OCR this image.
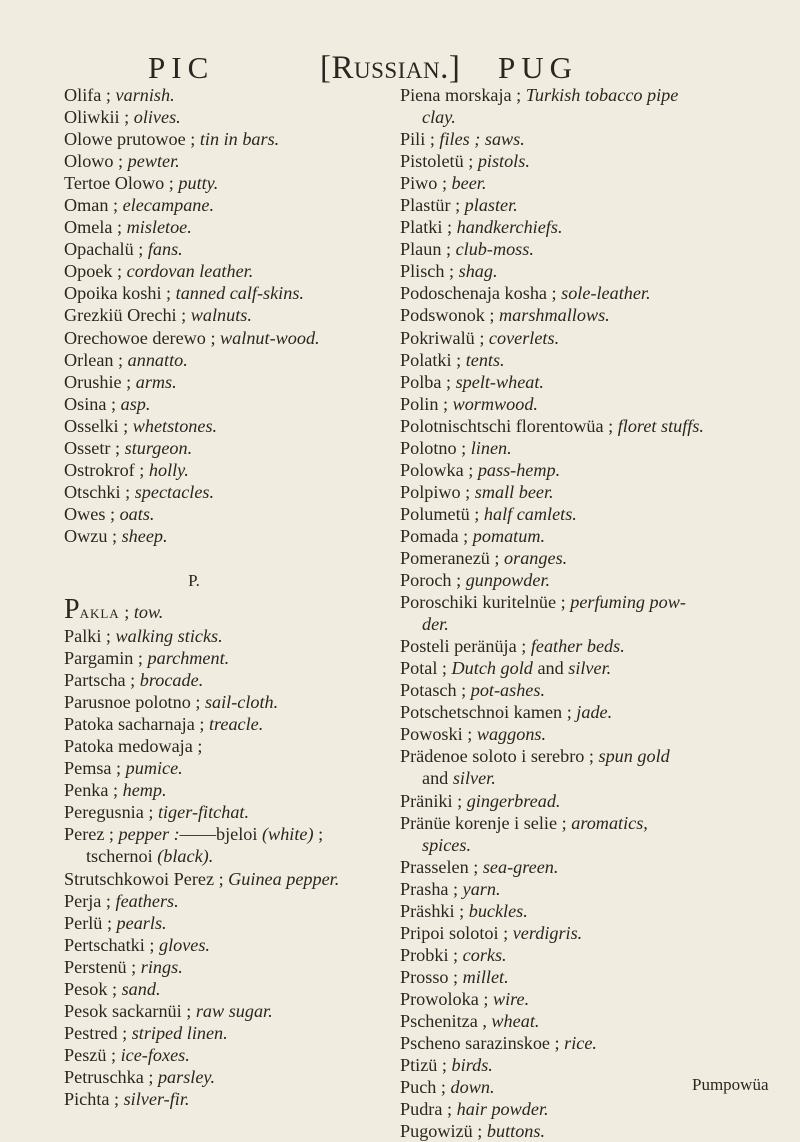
PIC	[Russian.] PUG
Olifa ; varnish.
Oliwkii ; olives.
Olowe prutowoe ; tin in bars.
Olowo ; pewter.
Tertoe Olowo ; putty.
Oman ; elecampane.
Omela ; misletoe.
Opachalü ; fans.
Opoek ; cordovan leather.
Opoika koshi ; tanned calf-skins.
Grezkiü Orechi ; walnuts.
Orechowoe derewo ; walnut-wood.
Orlean ; annatto.
Orushie ; arms.
Osina ; asp.
Osselki ; whetstones.
Ossetr ; sturgeon.
Ostrokrof ; holly.
Otschki ; spectacles.
Owes ; oats.
Owzu ; sheep.
P.
Pakla ; tow.
Palki ; walking sticks.
Pargamin ; parchment.
Partscha ; brocade.
Parusnoe polotno ; sail-cloth.
Patoka sacharnaja ; treacle.
Patoka medowaja ;
Pemsa ; pumice.
Penka ; hemp.
Peregusnia ; tiger-fitchat.
Perez ; pepper :——bjeloi (white) ;
tschernoi (black).
Strutschkowoi Perez ; Guinea pepper.
Perja ; feathers.
Perlü ; pearls.
Pertschatki ; gloves.
Perstenü ; rings.
Pesok ; sand.
Pesok sackarnüi ; raw sugar.
Pestred ; striped linen.
Peszü ; ice-foxes.
Petruschka ; parsley.
Pichta ; silver-fir.
Piena morskaja ; Turkish tobacco pipe
clay.
Pili ; files ; saws.
Pistoletü ; pistols.
Piwo ; beer.
Plastür ; plaster.
Platki ; handkerchiefs.
Plaun ; club-moss.
Plisch ; shag.
Podoschenaja kosha ; sole-leather.
Podswonok ; marshmallows.
Pokriwalü ; coverlets.
Polatki ; tents.
Polba ; spelt-wheat.
Polin ; wormwood.
Polotnischtschi florentowüa ; floret stuffs.
Polotno ; linen.
Polowka ; pass-hemp.
Polpiwo ; small beer.
Polumetü ; half camlets.
Pomada ; pomatum.
Pomeranezü ; oranges.
Poroch ; gunpowder.
Poroschiki kuritelnüe ; perfuming pow-
der.
Posteli peränüja ; feather beds.
Potal ; Dutch gold and silver.
Potasch ; pot-ashes.
Potschetschnoi kamen ; jade.
Powoski ; waggons.
Prädenoe soloto i serebro ; spun gold
and silver.
Präniki ; gingerbread.
Pränüe korenje i selie ; aromatics,
spices.
Prasselen ; sea-green.
Prasha ; yarn.
Präshki ; buckles.
Pripoi solotoi ; verdigris.
Probki ; corks.
Prosso ; millet.
Prowoloka ; wire.
Pschenitza , wheat.
Pscheno sarazinskoe ; rice.
Ptizü ; birds.
Puch ; down.
Pudra ; hair powder.
Pugowizü ; buttons.
Pumpowüa
